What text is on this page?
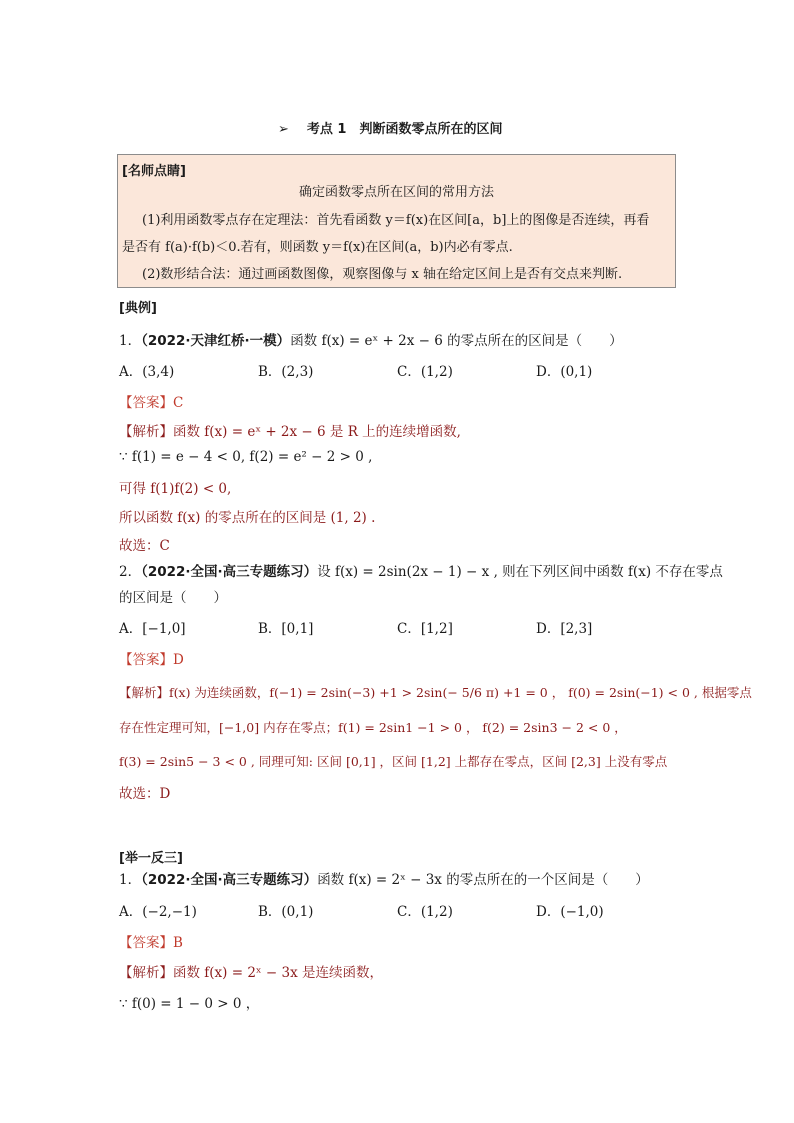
➢ 考点 1　判断函数零点所在的区间
[名师点睛]
确定函数零点所在区间的常用方法
(1)利用函数零点存在定理法：首先看函数 y＝f(x)在区间[a，b]上的图像是否连续，再看
是否有 f(a)·f(b)＜0.若有，则函数 y＝f(x)在区间(a，b)内必有零点.
(2)数形结合法：通过画函数图像，观察图像与 x 轴在给定区间上是否有交点来判断.
[典例]
1．（2022·天津红桥·一模）函数 f(x) = eˣ + 2x − 6 的零点所在的区间是（　　）
A．(3,4)	B．(2,3)	C．(1,2)	D．(0,1)
【答案】C
【解析】函数 f(x) = eˣ + 2x − 6 是 R 上的连续增函数,
∵ f(1) = e − 4 < 0, f(2) = e² − 2 > 0 ,
可得 f(1)f(2) < 0,
所以函数 f(x) 的零点所在的区间是 (1, 2) .
故选：C
2．（2022·全国·高三专题练习）设 f(x) = 2sin(2x − 1) − x , 则在下列区间中函数 f(x) 不存在零点
的区间是（　　）
A．[−1,0]	B．[0,1]	C．[1,2]	D．[2,3]
【答案】D
【解析】f(x) 为连续函数，f(−1) = 2sin(−3) +1 > 2sin(− 5/6 π) +1 = 0 ， f(0) = 2sin(−1) < 0 , 根据零点
存在性定理可知，[−1,0] 内存在零点；f(1) = 2sin1 −1 > 0 ， f(2) = 2sin3 − 2 < 0 ，
f(3) = 2sin5 − 3 < 0 , 同理可知: 区间 [0,1] ，区间 [1,2] 上都存在零点，区间 [2,3] 上没有零点
故选：D
[举一反三]
1．（2022·全国·高三专题练习）函数 f(x) = 2ˣ − 3x 的零点所在的一个区间是（　　）
A．(−2,−1)	B．(0,1)	C．(1,2)	D．(−1,0)
【答案】B
【解析】函数 f(x) = 2ˣ − 3x 是连续函数，
∵ f(0) = 1 − 0 > 0 ，
